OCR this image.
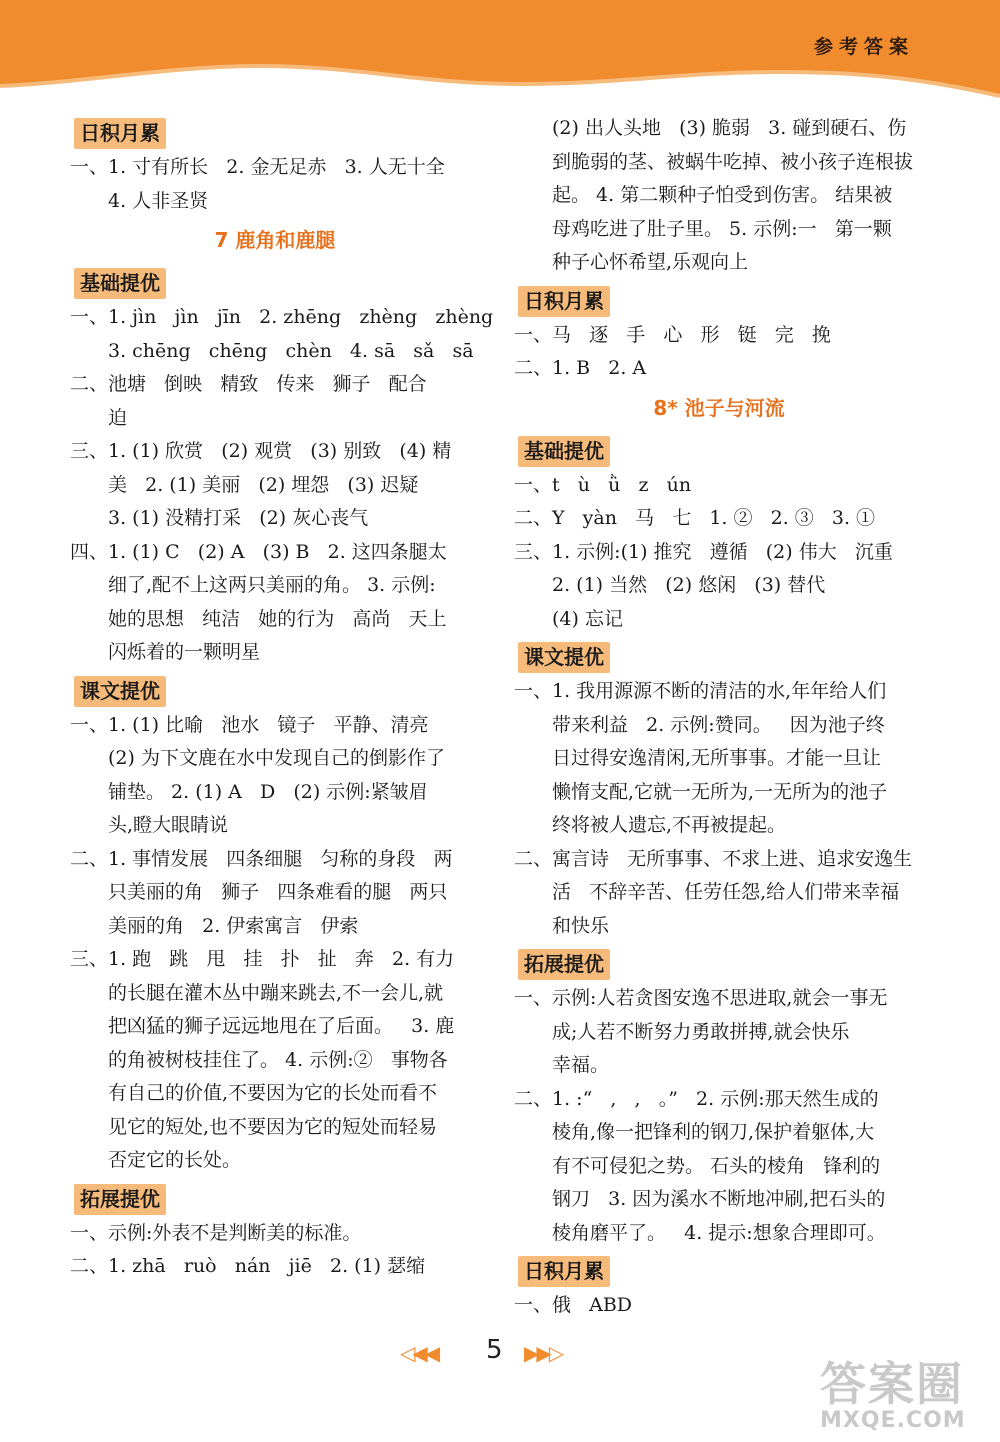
参考答案
日积月累
一、1. 寸有所长   2. 金无足赤   3. 人无十全
4. 人非圣贤
7 鹿角和鹿腿
基础提优
一、1. jìn   jìn   jīn   2. zhēng   zhèng   zhèng
3. chēng   chēng   chèn   4. sā   sǎ   sā
二、池塘   倒映   精致   传来   狮子   配合
迫
三、1. (1) 欣赏   (2) 观赏   (3) 别致   (4) 精
美   2. (1) 美丽   (2) 埋怨   (3) 迟疑
3. (1) 没精打采   (2) 灰心丧气
四、1. (1) C   (2) A   (3) B   2. 这四条腿太
细了,配不上这两只美丽的角。 3. 示例:
她的思想   纯洁   她的行为   高尚   天上
闪烁着的一颗明星
课文提优
一、1. (1) 比喻   池水   镜子   平静、清亮
(2) 为下文鹿在水中发现自己的倒影作了
铺垫。 2. (1) A   D   (2) 示例:紧皱眉
头,瞪大眼睛说
二、1. 事情发展   四条细腿   匀称的身段   两
只美丽的角   狮子   四条难看的腿   两只
美丽的角   2. 伊索寓言   伊索
三、1. 跑   跳   甩   挂   扑   扯   奔   2. 有力
的长腿在灌木丛中蹦来跳去,不一会儿,就
把凶猛的狮子远远地甩在了后面。   3. 鹿
的角被树枝挂住了。 4. 示例:②   事物各
有自己的价值,不要因为它的长处而看不
见它的短处,也不要因为它的短处而轻易
否定它的长处。
拓展提优
一、示例:外表不是判断美的标准。
二、1. zhā   ruò   nán   jiē   2. (1) 瑟缩
(2) 出人头地   (3) 脆弱   3. 碰到硬石、伤
到脆弱的茎、被蜗牛吃掉、被小孩子连根拔
起。 4. 第二颗种子怕受到伤害。 结果被
母鸡吃进了肚子里。 5. 示例:一   第一颗
种子心怀希望,乐观向上
日积月累
一、马   逐   手   心   形   铤   完   挽
二、1. B   2. A
8* 池子与河流
基础提优
一、t   ù   ǜ   z   ún
二、Y   yàn   马   七   1. ②   2. ③   3. ①
三、1. 示例:(1) 推究   遵循   (2) 伟大   沉重
2. (1) 当然   (2) 悠闲   (3) 替代
(4) 忘记
课文提优
一、1. 我用源源不断的清洁的水,年年给人们
带来利益   2. 示例:赞同。   因为池子终
日过得安逸清闲,无所事事。才能一旦让
懒惰支配,它就一无所为,一无所为的池子
终将被人遗忘,不再被提起。
二、寓言诗   无所事事、不求上进、追求安逸生
活   不辞辛苦、任劳任怨,给人们带来幸福
和快乐
拓展提优
一、示例:人若贪图安逸不思进取,就会一事无
成;人若不断努力勇敢拼搏,就会快乐
幸福。
二、1. :“   ,   ,   。”   2. 示例:那天然生成的
棱角,像一把锋利的钢刀,保护着躯体,大
有不可侵犯之势。 石头的棱角   锋利的
钢刀   3. 因为溪水不断地冲刷,把石头的
棱角磨平了。   4. 提示:想象合理即可。
日积月累
一、俄   ABD
◁◀◀ 5 ▶▶▷
答案圈
MXQE.COM
